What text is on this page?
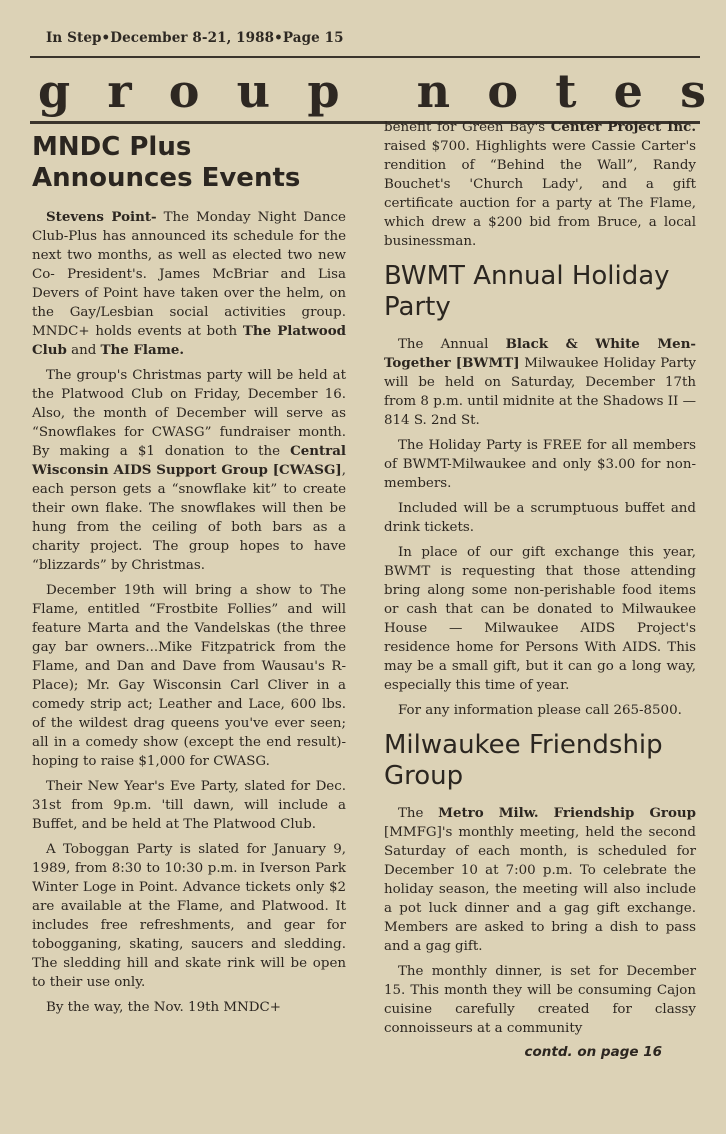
In Step•December 8-21, 1988•Page 15
g r o u p n o t e s
MNDC Plus Announces Events

Stevens Point- The Monday Night Dance Club-Plus has announced its schedule for the next two months, as well as elected two new Co- President's. James McBriar and Lisa Devers of Point have taken over the helm, on the Gay/Lesbian social activities group. MNDC+ holds events at both The Platwood Club and The Flame.

The group's Christmas party will be held at the Platwood Club on Friday, December 16. Also, the month of December will serve as “Snowflakes for CWASG” fundraiser month. By making a $1 donation to the Central Wisconsin AIDS Support Group [CWASG], each person gets a “snowflake kit” to create their own flake. The snowflakes will then be hung from the ceiling of both bars as a charity project. The group hopes to have “blizzards” by Christmas.

December 19th will bring a show to The Flame, entitled “Frostbite Follies” and will feature Marta and the Vandelskas (the three gay bar owners...Mike Fitzpatrick from the Flame, and Dan and Dave from Wausau's R-Place); Mr. Gay Wisconsin Carl Cliver in a comedy strip act; Leather and Lace, 600 lbs. of the wildest drag queens you've ever seen; all in a comedy show (except the end result)-hoping to raise $1,000 for CWASG.

Their New Year's Eve Party, slated for Dec. 31st from 9p.m. 'till dawn, will include a Buffet, and be held at The Platwood Club.

A Toboggan Party is slated for January 9, 1989, from 8:30 to 10:30 p.m. in Iverson Park Winter Loge in Point. Advance tickets only $2 are available at the Flame, and Platwood. It includes free refreshments, and gear for tobogganing, skating, saucers and sledding. The sledding hill and skate rink will be open to their use only.

By the way, the Nov. 19th MNDC+

benefit for Green Bay's Center Project Inc. raised $700. Highlights were Cassie Carter's rendition of “Behind the Wall”, Randy Bouchet's 'Church Lady', and a gift certificate auction for a party at The Flame, which drew a $200 bid from Bruce, a local businessman.

BWMT Annual Holiday Party

The Annual Black & White Men-Together [BWMT] Milwaukee Holiday Party will be held on Saturday, December 17th from 8 p.m. until midnite at the Shadows II — 814 S. 2nd St.

The Holiday Party is FREE for all members of BWMT-Milwaukee and only $3.00 for non-members.

Included will be a scrumptuous buffet and drink tickets.

In place of our gift exchange this year, BWMT is requesting that those attending bring along some non-perishable food items or cash that can be donated to Milwaukee House — Milwaukee AIDS Project's residence home for Persons With AIDS. This may be a small gift, but it can go a long way, especially this time of year.

For any information please call 265-8500.

Milwaukee Friendship Group

The Metro Milw. Friendship Group [MMFG]'s monthly meeting, held the second Saturday of each month, is scheduled for December 10 at 7:00 p.m. To celebrate the holiday season, the meeting will also include a pot luck dinner and a gag gift exchange. Members are asked to bring a dish to pass and a gag gift.

The monthly dinner, is set for December 15. This month they will be consuming Cajon cuisine carefully created for classy connoisseurs at a community

contd. on page 16
